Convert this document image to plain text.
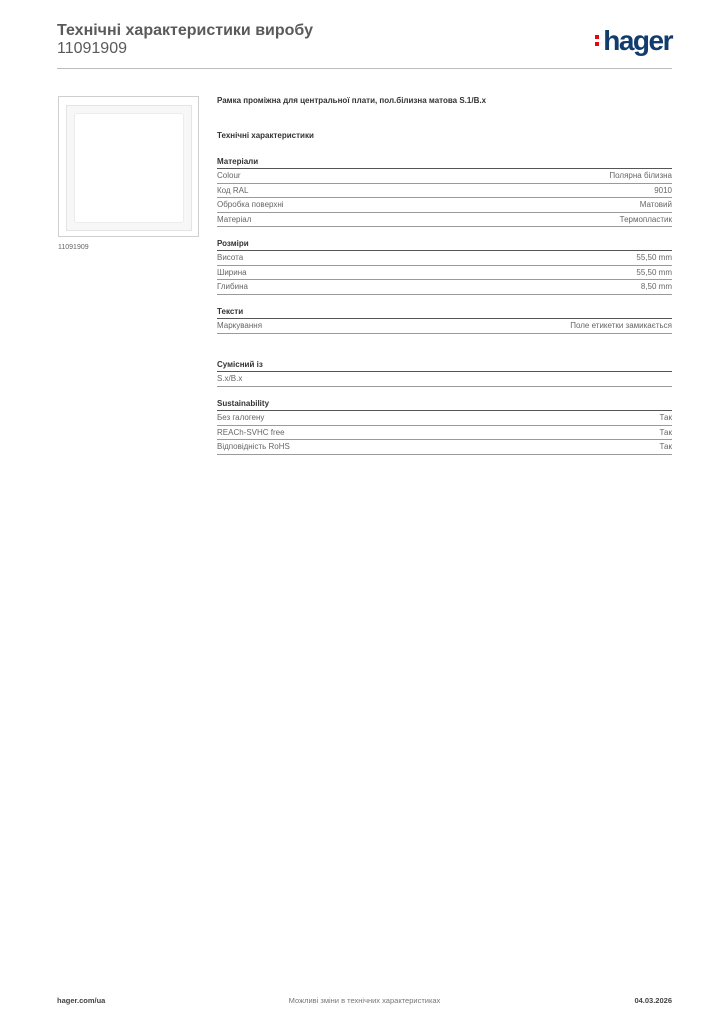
Технічні характеристики виробу
11091909	hager
11091909
Рамка проміжна для центральної плати, пол.білизна матова S.1/B.x
Технічні характеристики
Матеріали
Colour	Полярна білизна
Код RAL	9010
Обробка поверхні	Матовий
Матеріал	Термопластик
Розміри
Висота	55,50 mm
Ширина	55,50 mm
Глибина	8,50 mm
Тексти
Маркування	Поле етикетки замикається
Сумісний із
S.x/B.x
Sustainability
Без галогену	Так
REACh-SVHC free	Так
Відповідність RoHS	Так
hager.com/ua	Можливі зміни в технічних характеристиках	04.03.2026
